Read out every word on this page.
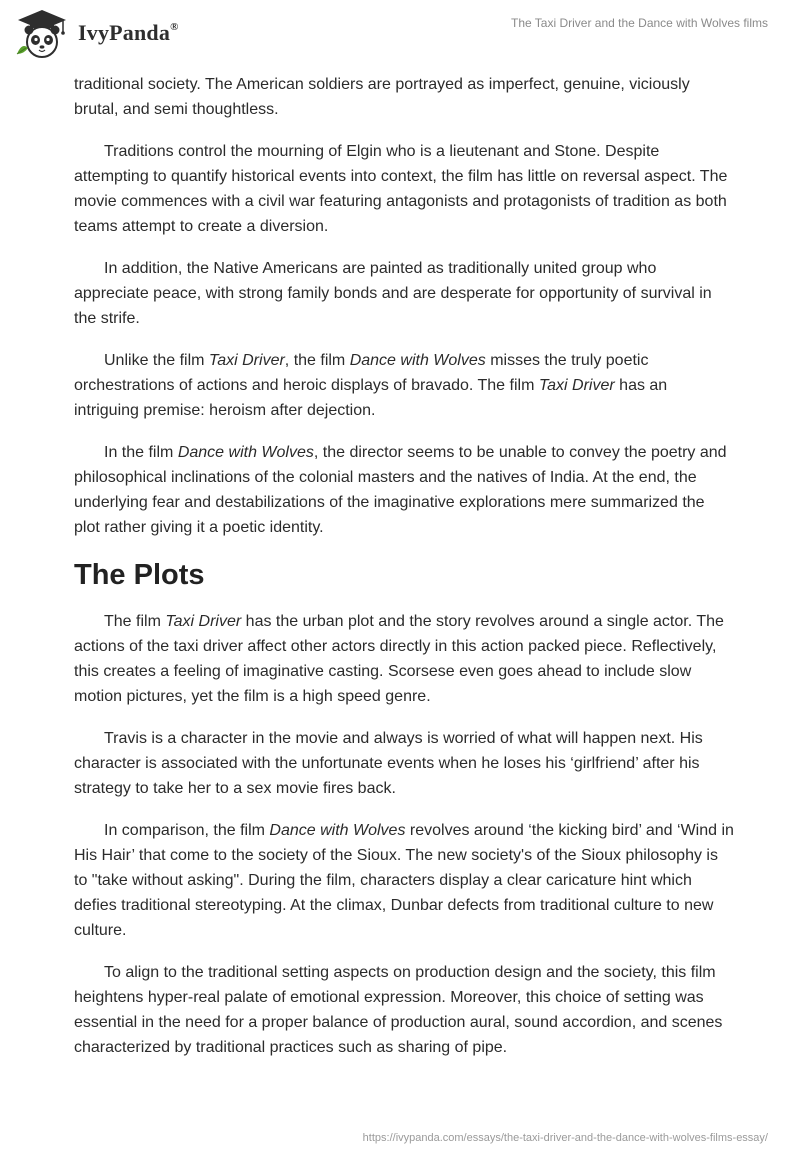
IvyPanda®	The Taxi Driver and the Dance with Wolves films

traditional society. The American soldiers are portrayed as imperfect, genuine, viciously brutal, and semi thoughtless.

Traditions control the mourning of Elgin who is a lieutenant and Stone. Despite attempting to quantify historical events into context, the film has little on reversal aspect. The movie commences with a civil war featuring antagonists and protagonists of tradition as both teams attempt to create a diversion.

In addition, the Native Americans are painted as traditionally united group who appreciate peace, with strong family bonds and are desperate for opportunity of survival in the strife.

Unlike the film Taxi Driver, the film Dance with Wolves misses the truly poetic orchestrations of actions and heroic displays of bravado. The film Taxi Driver has an intriguing premise: heroism after dejection.

In the film Dance with Wolves, the director seems to be unable to convey the poetry and philosophical inclinations of the colonial masters and the natives of India. At the end, the underlying fear and destabilizations of the imaginative explorations mere summarized the plot rather giving it a poetic identity.

The Plots

The film Taxi Driver has the urban plot and the story revolves around a single actor. The actions of the taxi driver affect other actors directly in this action packed piece. Reflectively, this creates a feeling of imaginative casting. Scorsese even goes ahead to include slow motion pictures, yet the film is a high speed genre.

Travis is a character in the movie and always is worried of what will happen next. His character is associated with the unfortunate events when he loses his ‘girlfriend’ after his strategy to take her to a sex movie fires back.

In comparison, the film Dance with Wolves revolves around ‘the kicking bird’ and ‘Wind in His Hair’ that come to the society of the Sioux. The new society's of the Sioux philosophy is to "take without asking". During the film, characters display a clear caricature hint which defies traditional stereotyping. At the climax, Dunbar defects from traditional culture to new culture.

To align to the traditional setting aspects on production design and the society, this film heightens hyper-real palate of emotional expression. Moreover, this choice of setting was essential in the need for a proper balance of production aural, sound accordion, and scenes characterized by traditional practices such as sharing of pipe.

https://ivypanda.com/essays/the-taxi-driver-and-the-dance-with-wolves-films-essay/
